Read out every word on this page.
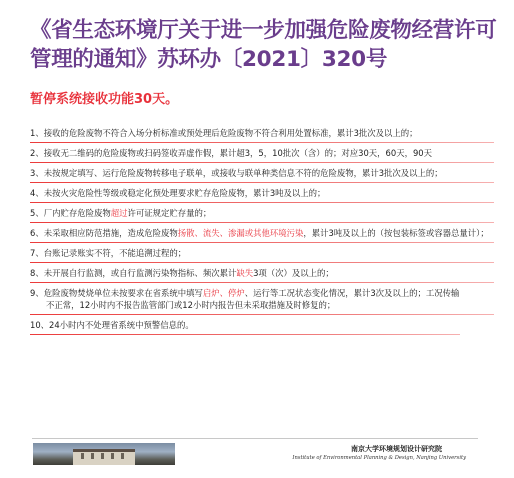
《省生态环境厅关于进一步加强危险废物经营许可管理的通知》苏环办〔2021〕320号
暂停系统接收功能30天。
1、接收的危险废物不符合入场分析标准或预处理后危险废物不符合利用处置标准，累计3批次及以上的；
2、接收无二维码的危险废物或扫码签收弄虚作假，累计超3，5，10批次（含）的；对应30天，60天，90天
3、未按规定填写、运行危险废物转移电子联单，或接收与联单种类信息不符的危险废物，累计3批次及以上的；
4、未按火灾危险性等级或稳定化预处理要求贮存危险废物，累计3吨及以上的；
5、厂内贮存危险废物超过许可证规定贮存量的；
6、未采取相应防范措施，造成危险废物扬散、流失、渗漏或其他环境污染，累计3吨及以上的（按包装标签或容器总量计）；
7、台账记录账实不符，不能追溯过程的；
8、未开展自行监测，或自行监测污染物指标、频次累计缺失3项（次）及以上的；
9、危险废物焚烧单位未按要求在省系统中填写启炉、停炉、运行等工况状态变化情况，累计3次及以上的；工况传输
不正常，12小时内不报告监管部门或12小时内报告但未采取措施及时修复的；
10、24小时内不处理省系统中预警信息的。
南京大学环境规划设计研究院
Institute of Environmental Planning & Design, Nanjing University
